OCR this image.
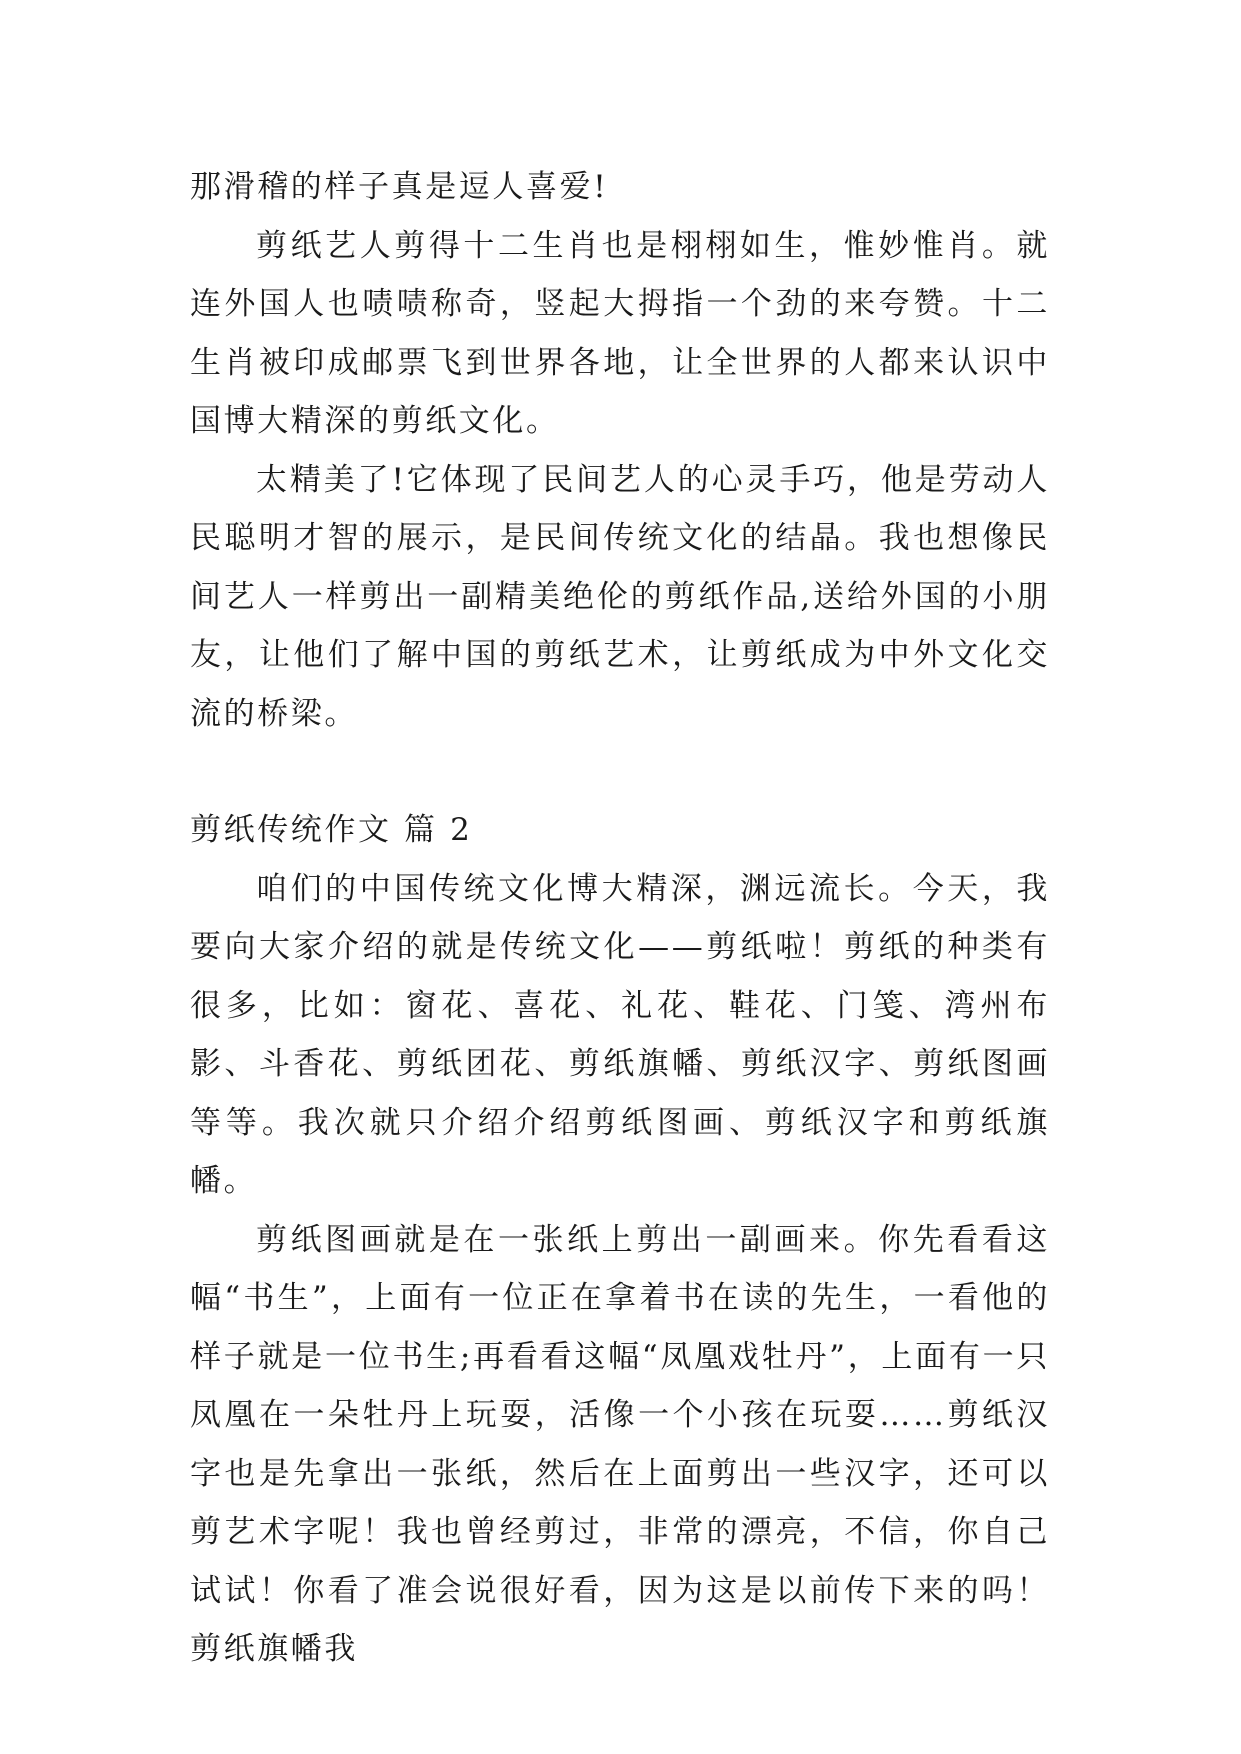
那滑稽的样子真是逗人喜爱!

剪纸艺人剪得十二生肖也是栩栩如生，惟妙惟肖。就连外国人也啧啧称奇，竖起大拇指一个劲的来夸赞。十二生肖被印成邮票飞到世界各地，让全世界的人都来认识中国博大精深的剪纸文化。

太精美了!它体现了民间艺人的心灵手巧，他是劳动人民聪明才智的展示，是民间传统文化的结晶。我也想像民间艺人一样剪出一副精美绝伦的剪纸作品,送给外国的小朋友，让他们了解中国的剪纸艺术，让剪纸成为中外文化交流的桥梁。

剪纸传统作文 篇 2

咱们的中国传统文化博大精深，渊远流长。今天，我要向大家介绍的就是传统文化——剪纸啦！剪纸的种类有很多，比如：窗花、喜花、礼花、鞋花、门笺、湾州布影、斗香花、剪纸团花、剪纸旗幡、剪纸汉字、剪纸图画等等。我次就只介绍介绍剪纸图画、剪纸汉字和剪纸旗幡。

剪纸图画就是在一张纸上剪出一副画来。你先看看这幅“书生”，上面有一位正在拿着书在读的先生，一看他的样子就是一位书生;再看看这幅“凤凰戏牡丹”，上面有一只凤凰在一朵牡丹上玩耍，活像一个小孩在玩耍……剪纸汉字也是先拿出一张纸，然后在上面剪出一些汉字，还可以剪艺术字呢！我也曾经剪过，非常的漂亮，不信，你自己试试！你看了准会说很好看，因为这是以前传下来的吗！剪纸旗幡我
